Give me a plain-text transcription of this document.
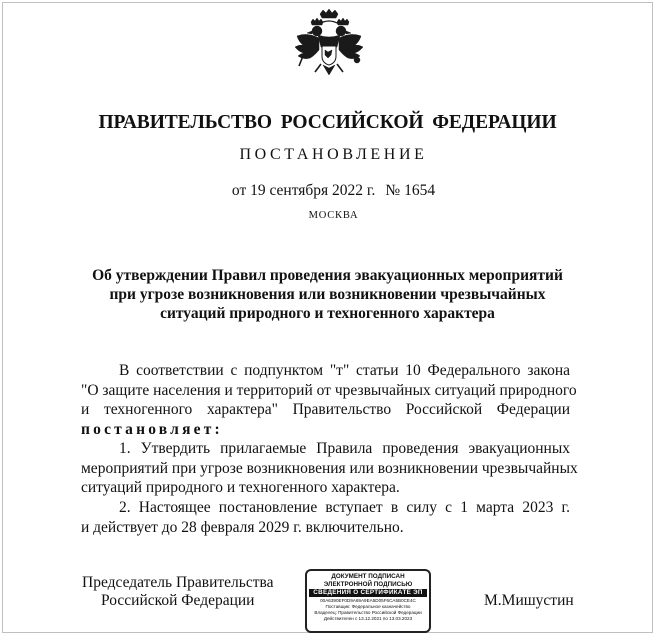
ПРАВИТЕЛЬСТВО РОССИЙСКОЙ ФЕДЕРАЦИИ
ПОСТАНОВЛЕНИЕ
от 19 сентября 2022 г. № 1654
МОСКВА
Об утверждении Правил проведения эвакуационных мероприятий
при угрозе возникновения или возникновении чрезвычайных
ситуаций природного и техногенного характера
В соответствии с подпунктом "т" статьи 10 Федерального закона
"О защите населения и территорий от чрезвычайных ситуаций природного
и техногенного характера" Правительство Российской Федерации
постановляет:
1. Утвердить прилагаемые Правила проведения эвакуационных
мероприятий при угрозе возникновения или возникновении чрезвычайных
ситуаций природного и техногенного характера.
2. Настоящее постановление вступает в силу с 1 марта 2023 г.
и действует до 28 февраля 2029 г. включительно.
Председатель Правительства
Российской Федерации
ДОКУМЕНТ ПОДПИСАН
ЭЛЕКТРОННОЙ ПОДПИСЬЮ
СВЕДЕНИЯ О СЕРТИФИКАТЕ ЭП
00A6390EF0D9A69A9EA5D05F6CA5B0CE4C
Поставщик: Федеральное казначейство
Владелец: Правительство Российской Федерации
Действителен с 13.12.2021 по 13.03.2023
М.Мишустин
